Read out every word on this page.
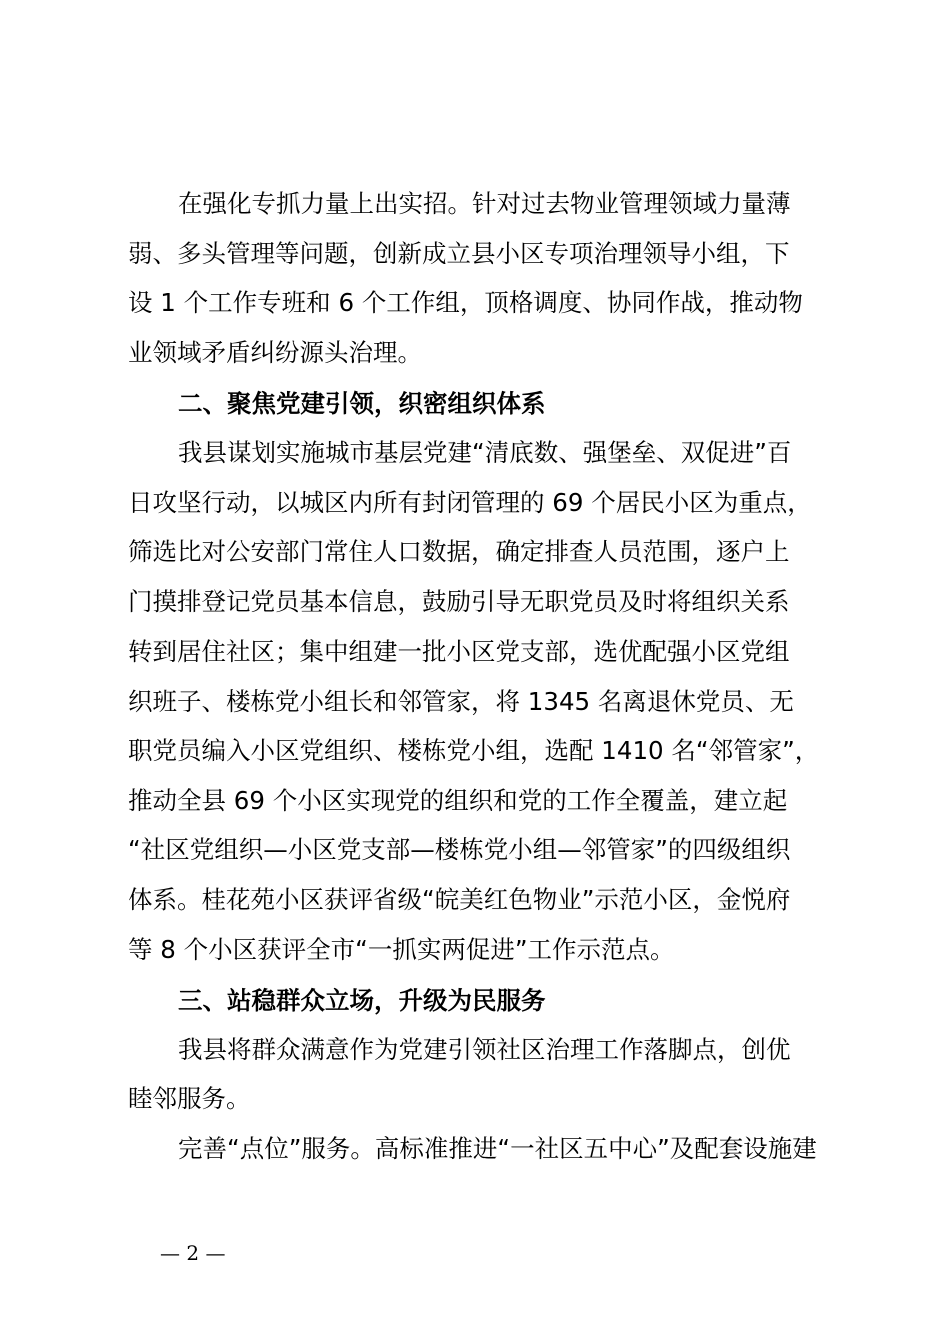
在强化专抓力量上出实招。针对过去物业管理领域力量薄
弱、多头管理等问题，创新成立县小区专项治理领导小组，下
设 1 个工作专班和 6 个工作组，顶格调度、协同作战，推动物
业领域矛盾纠纷源头治理。
二、聚焦党建引领，织密组织体系
我县谋划实施城市基层党建“清底数、强堡垒、双促进”百
日攻坚行动，以城区内所有封闭管理的 69 个居民小区为重点，
筛选比对公安部门常住人口数据，确定排查人员范围，逐户上
门摸排登记党员基本信息，鼓励引导无职党员及时将组织关系
转到居住社区；集中组建一批小区党支部，选优配强小区党组
织班子、楼栋党小组长和邻管家，将 1345 名离退休党员、无
职党员编入小区党组织、楼栋党小组，选配 1410 名“邻管家”，
推动全县 69 个小区实现党的组织和党的工作全覆盖，建立起
“社区党组织—小区党支部—楼栋党小组—邻管家”的四级组织
体系。桂花苑小区获评省级“皖美红色物业”示范小区，金悦府
等 8 个小区获评全市“一抓实两促进”工作示范点。
三、站稳群众立场，升级为民服务
我县将群众满意作为党建引领社区治理工作落脚点，创优
睦邻服务。
完善“点位”服务。高标准推进“一社区五中心”及配套设施建
— 2 —
